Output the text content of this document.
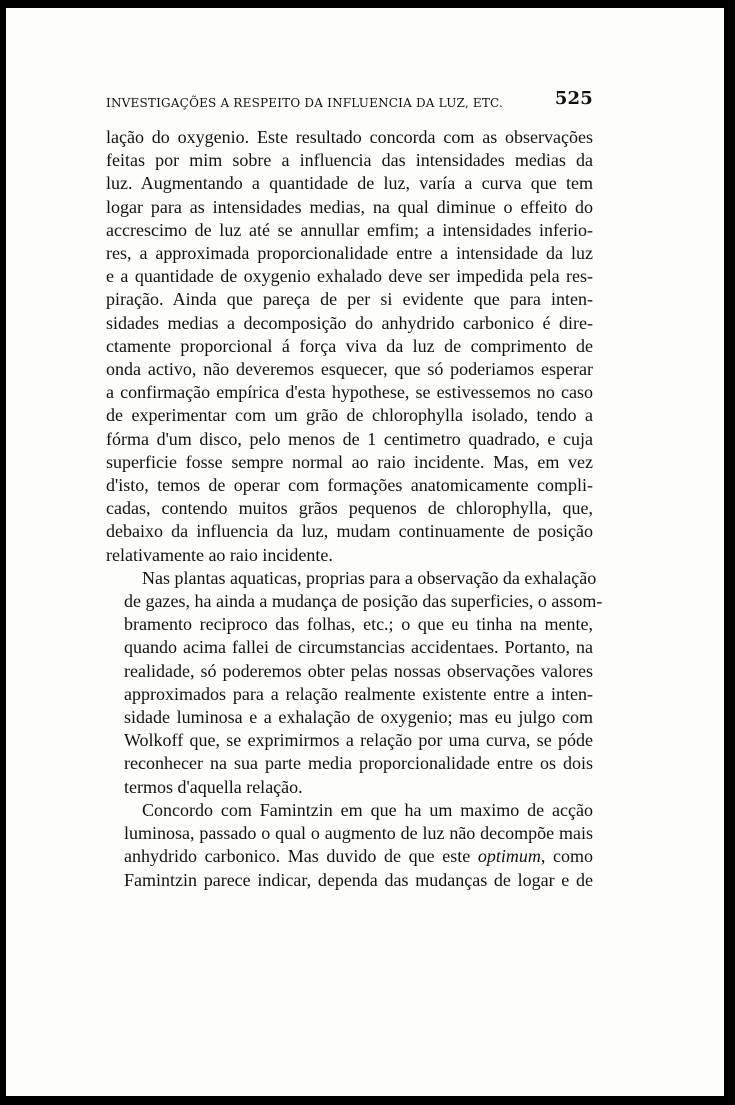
INVESTIGAÇÕES A RESPEITO DA INFLUENCIA DA LUZ, ETC.	525

lação do oxygenio. Este resultado concorda com as observações
feitas por mim sobre a influencia das intensidades medias da
luz. Augmentando a quantidade de luz, varía a curva que tem
logar para as intensidades medias, na qual diminue o effeito do
accrescimo de luz até se annullar emfim; a intensidades inferio-
res, a approximada proporcionalidade entre a intensidade da luz
e a quantidade de oxygenio exhalado deve ser impedida pela res-
piração. Ainda que pareça de per si evidente que para inten-
sidades medias a decomposição do anhydrido carbonico é dire-
ctamente proporcional á força viva da luz de comprimento de
onda activo, não deveremos esquecer, que só poderiamos esperar
a confirmação empírica d'esta hypothese, se estivessemos no caso
de experimentar com um grão de chlorophylla isolado, tendo a
fórma d'um disco, pelo menos de 1 centimetro quadrado, e cuja
superficie fosse sempre normal ao raio incidente. Mas, em vez
d'isto, temos de operar com formações anatomicamente compli-
cadas, contendo muitos grãos pequenos de chlorophylla, que,
debaixo da influencia da luz, mudam continuamente de posição
relativamente ao raio incidente.

Nas plantas aquaticas, proprias para a observação da exhalação
de gazes, ha ainda a mudança de posição das superficies, o assom-
bramento reciproco das folhas, etc.; o que eu tinha na mente,
quando acima fallei de circumstancias accidentaes. Portanto, na
realidade, só poderemos obter pelas nossas observações valores
approximados para a relação realmente existente entre a inten-
sidade luminosa e a exhalação de oxygenio; mas eu julgo com
Wolkoff que, se exprimirmos a relação por uma curva, se póde
reconhecer na sua parte media proporcionalidade entre os dois
termos d'aquella relação.

Concordo com Famintzin em que ha um maximo de acção
luminosa, passado o qual o augmento de luz não decompõe mais
anhydrido carbonico. Mas duvido de que este optimum, como
Famintzin parece indicar, dependa das mudanças de logar e de
